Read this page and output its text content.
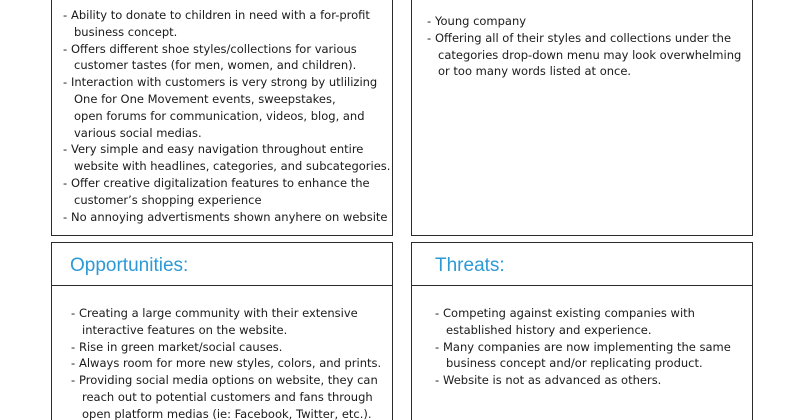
- Ability to donate to children in need with a for-profit
business concept.
- Offers different shoe styles/collections for various
customer tastes (for men, women, and children).
- Interaction with customers is very strong by utlilizing
One for One Movement events, sweepstakes,
open forums for communication, videos, blog, and
various social medias.
- Very simple and easy navigation throughout entire
website with headlines, categories, and subcategories.
- Offer creative digitalization features to enhance the
customer’s shopping experience
- No annoying advertisments shown anyhere on website
- Young company
- Offering all of their styles and collections under the
categories drop-down menu may look overwhelming
or too many words listed at once.
Opportunities:
- Creating a large community with their extensive
interactive features on the website.
- Rise in green market/social causes.
- Always room for more new styles, colors, and prints.
- Providing social media options on website, they can
reach out to potential customers and fans through
open platform medias (ie: Facebook, Twitter, etc.).
Threats:
- Competing against existing companies with
established history and experience.
- Many companies are now implementing the same
business concept and/or replicating product.
- Website is not as advanced as others.
